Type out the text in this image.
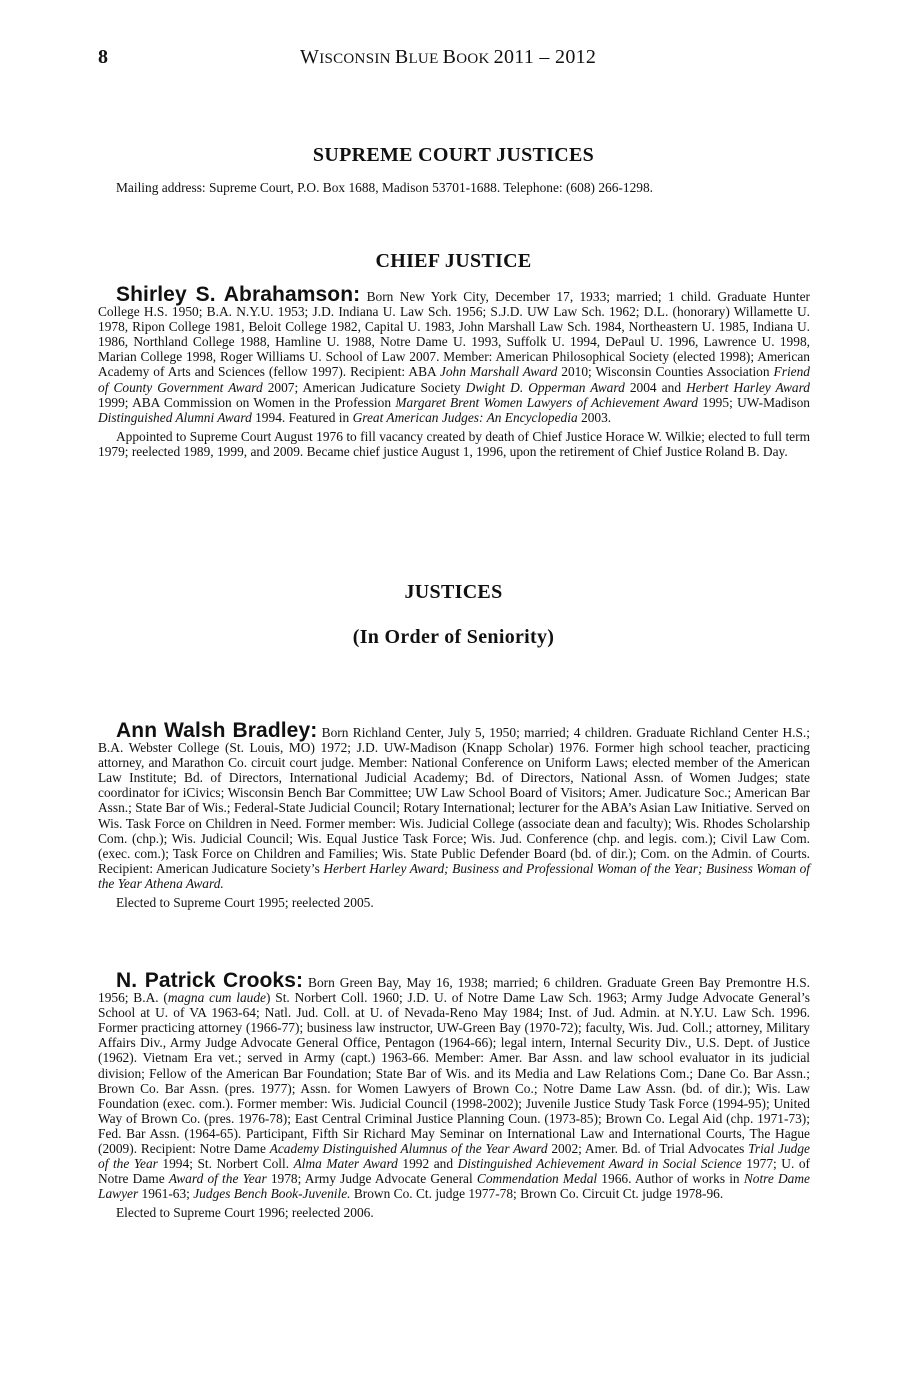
8	WISCONSIN BLUE BOOK 2011 – 2012
SUPREME COURT JUSTICES
Mailing address: Supreme Court, P.O. Box 1688, Madison 53701-1688. Telephone: (608) 266-1298.
CHIEF JUSTICE

Shirley S. Abrahamson: Born New York City, December 17, 1933; married; 1 child. Graduate Hunter College H.S. 1950; B.A. N.Y.U. 1953; J.D. Indiana U. Law Sch. 1956; S.J.D. UW Law Sch. 1962; D.L. (honorary) Willamette U. 1978, Ripon College 1981, Beloit College 1982, Capital U. 1983, John Marshall Law Sch. 1984, Northeastern U. 1985, Indiana U. 1986, Northland College 1988, Hamline U. 1988, Notre Dame U. 1993, Suffolk U. 1994, DePaul U. 1996, Lawrence U. 1998, Marian College 1998, Roger Williams U. School of Law 2007. Member: American Philosophical Society (elected 1998); American Academy of Arts and Sciences (fellow 1997). Recipient: ABA John Marshall Award 2010; Wisconsin Counties Association Friend of County Government Award 2007; American Judicature Society Dwight D. Opperman Award 2004 and Herbert Harley Award 1999; ABA Commission on Women in the Profession Margaret Brent Women Lawyers of Achievement Award 1995; UW-Madison Distinguished Alumni Award 1994. Featured in Great American Judges: An Encyclopedia 2003.

Appointed to Supreme Court August 1976 to fill vacancy created by death of Chief Justice Horace W. Wilkie; elected to full term 1979; reelected 1989, 1999, and 2009. Became chief justice August 1, 1996, upon the retirement of Chief Justice Roland B. Day.

JUSTICES
(In Order of Seniority)

Ann Walsh Bradley: Born Richland Center, July 5, 1950; married; 4 children. Graduate Richland Center H.S.; B.A. Webster College (St. Louis, MO) 1972; J.D. UW-Madison (Knapp Scholar) 1976. Former high school teacher, practicing attorney, and Marathon Co. circuit court judge. Member: National Conference on Uniform Laws; elected member of the American Law Institute; Bd. of Directors, International Judicial Academy; Bd. of Directors, National Assn. of Women Judges; state coordinator for iCivics; Wisconsin Bench Bar Committee; UW Law School Board of Visitors; Amer. Judicature Soc.; American Bar Assn.; State Bar of Wis.; Federal-State Judicial Council; Rotary International; lecturer for the ABA’s Asian Law Initiative. Served on Wis. Task Force on Children in Need. Former member: Wis. Judicial College (associate dean and faculty); Wis. Rhodes Scholarship Com. (chp.); Wis. Judicial Council; Wis. Equal Justice Task Force; Wis. Jud. Conference (chp. and legis. com.); Civil Law Com. (exec. com.); Task Force on Children and Families; Wis. State Public Defender Board (bd. of dir.); Com. on the Admin. of Courts. Recipient: American Judicature Society’s Herbert Harley Award; Business and Professional Woman of the Year; Business Woman of the Year Athena Award.

Elected to Supreme Court 1995; reelected 2005.

N. Patrick Crooks: Born Green Bay, May 16, 1938; married; 6 children. Graduate Green Bay Premontre H.S. 1956; B.A. (magna cum laude) St. Norbert Coll. 1960; J.D. U. of Notre Dame Law Sch. 1963; Army Judge Advocate General’s School at U. of VA 1963-64; Natl. Jud. Coll. at U. of Nevada-Reno May 1984; Inst. of Jud. Admin. at N.Y.U. Law Sch. 1996. Former practicing attorney (1966-77); business law instructor, UW-Green Bay (1970-72); faculty, Wis. Jud. Coll.; attorney, Military Affairs Div., Army Judge Advocate General Office, Pentagon (1964-66); legal intern, Internal Security Div., U.S. Dept. of Justice (1962). Vietnam Era vet.; served in Army (capt.) 1963-66. Member: Amer. Bar Assn. and law school evaluator in its judicial division; Fellow of the American Bar Foundation; State Bar of Wis. and its Media and Law Relations Com.; Dane Co. Bar Assn.; Brown Co. Bar Assn. (pres. 1977); Assn. for Women Lawyers of Brown Co.; Notre Dame Law Assn. (bd. of dir.); Wis. Law Foundation (exec. com.). Former member: Wis. Judicial Council (1998-2002); Juvenile Justice Study Task Force (1994-95); United Way of Brown Co. (pres. 1976-78); East Central Criminal Justice Planning Coun. (1973-85); Brown Co. Legal Aid (chp. 1971-73); Fed. Bar Assn. (1964-65). Participant, Fifth Sir Richard May Seminar on International Law and International Courts, The Hague (2009). Recipient: Notre Dame Academy Distinguished Alumnus of the Year Award 2002; Amer. Bd. of Trial Advocates Trial Judge of the Year 1994; St. Norbert Coll. Alma Mater Award 1992 and Distinguished Achievement Award in Social Science 1977; U. of Notre Dame Award of the Year 1978; Army Judge Advocate General Commendation Medal 1966. Author of works in Notre Dame Lawyer 1961-63; Judges Bench Book-Juvenile. Brown Co. Ct. judge 1977-78; Brown Co. Circuit Ct. judge 1978-96.

Elected to Supreme Court 1996; reelected 2006.
